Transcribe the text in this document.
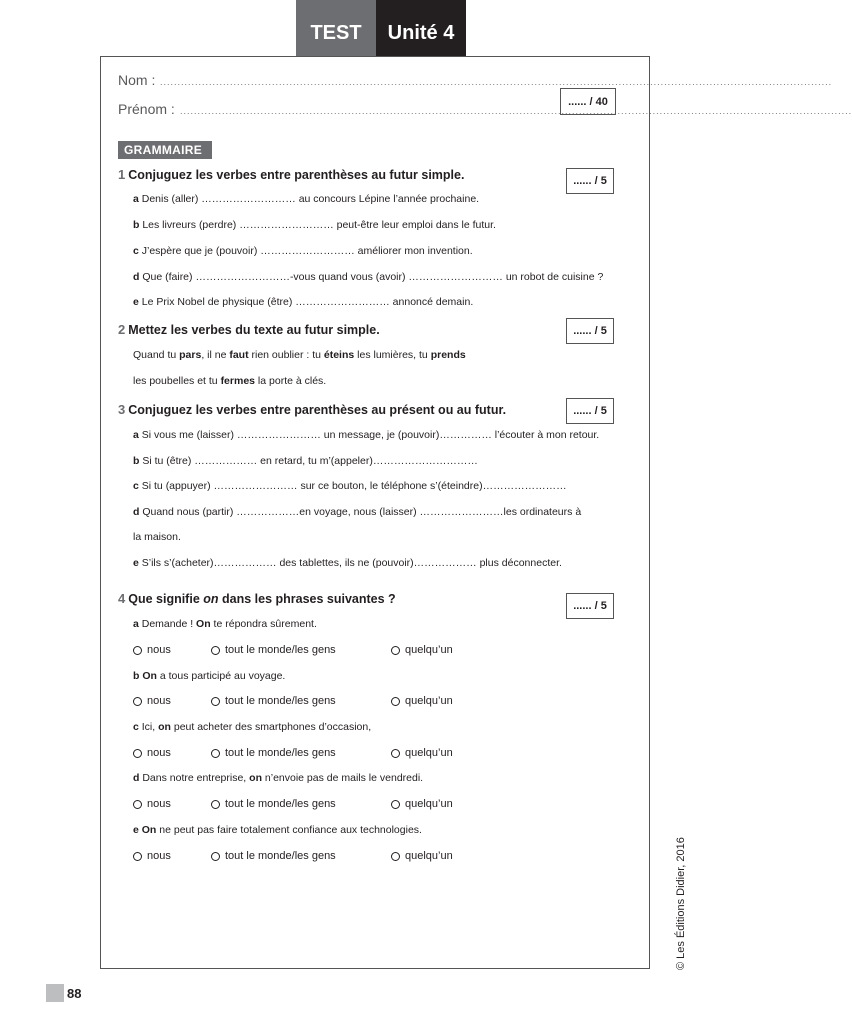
TEST	Unité 4
Nom : ................................................................................................................................................................................................
Prénom : ................................................................................................................................................................................................
...... / 40
GRAMMAIRE
1 Conjuguez les verbes entre parenthèses au futur simple.	...... / 5
a Denis (aller) ……………………… au concours Lépine l’année prochaine.
b Les livreurs (perdre) ……………………… peut-être leur emploi dans le futur.
c J’espère que je (pouvoir) ……………………… améliorer mon invention.
d Que (faire) ………………………-vous quand vous (avoir) ……………………… un robot de cuisine ?
e Le Prix Nobel de physique (être) ……………………… annoncé demain.
2 Mettez les verbes du texte au futur simple.	...... / 5
Quand tu pars, il ne faut rien oublier : tu éteins les lumières, tu prends
les poubelles et tu fermes la porte à clés.
3 Conjuguez les verbes entre parenthèses au présent ou au futur.	...... / 5
a Si vous me (laisser) …………………… un message, je (pouvoir)…………… l’écouter à mon retour.
b Si tu (être) ……………… en retard, tu m’(appeler)…………………………
c Si tu (appuyer) …………………… sur ce bouton, le téléphone s’(éteindre)……………………
d Quand nous (partir) ………………en voyage, nous (laisser) ……………………les ordinateurs à
la maison.
e S’ils s’(acheter)……………… des tablettes, ils ne (pouvoir)……………… plus déconnecter.
4 Que signifie on dans les phrases suivantes ?	...... / 5
a Demande ! On te répondra sûrement.
nous	tout le monde/les gens	quelqu’un
b On a tous participé au voyage.
nous	tout le monde/les gens	quelqu’un
c Ici, on peut acheter des smartphones d’occasion,
nous	tout le monde/les gens	quelqu’un
d Dans notre entreprise, on n’envoie pas de mails le vendredi.
nous	tout le monde/les gens	quelqu’un
e On ne peut pas faire totalement confiance aux technologies.
nous	tout le monde/les gens	quelqu’un	© Les Éditions Didier, 2016
88
